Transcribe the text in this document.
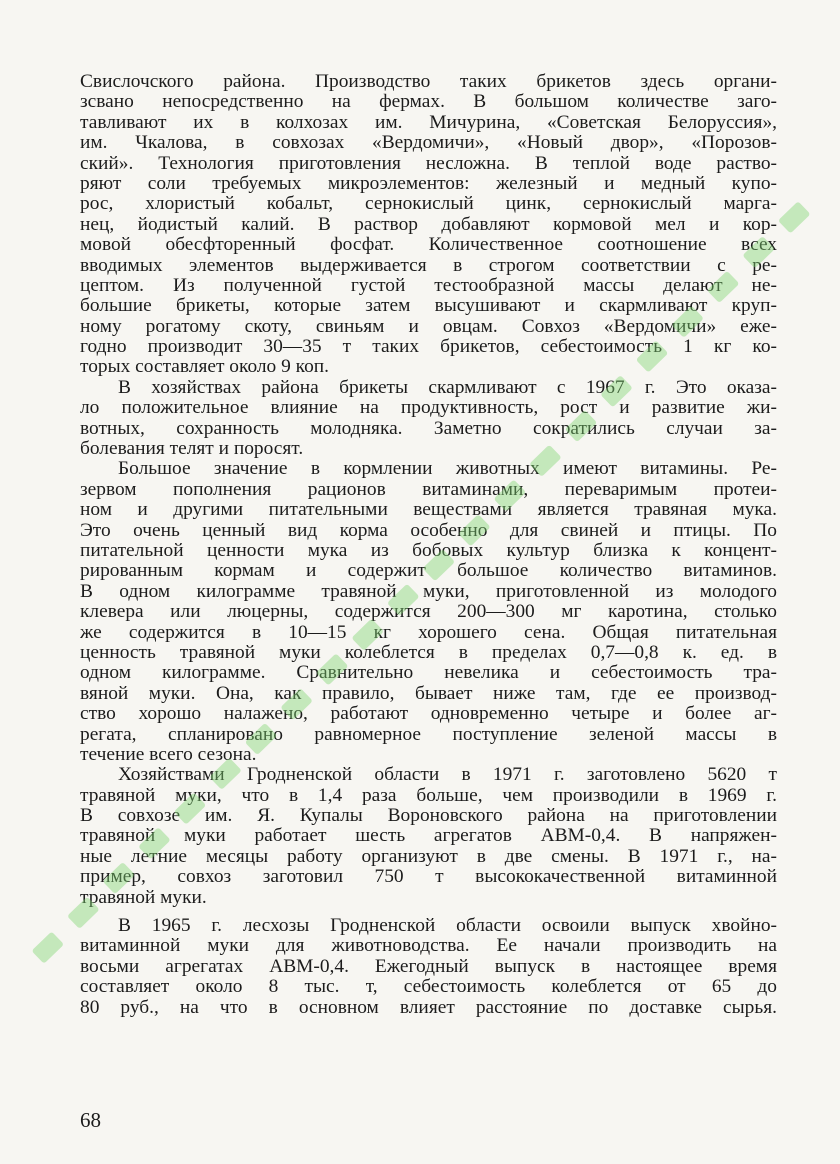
Свислочского района. Производство таких брикетов здесь органи-
зсвано непосредственно на фермах. В большом количестве заго-
тавливают их в колхозах им. Мичурина, «Советская Белоруссия»,
им. Чкалова, в совхозах «Вердомичи», «Новый двор», «Порозов-
ский». Технология приготовления несложна. В теплой воде раство-
ряют соли требуемых микроэлементов: железный и медный купо-
рос, хлористый кобальт, сернокислый цинк, сернокислый марга-
нец, йодистый калий. В раствор добавляют кормовой мел и кор-
мовой обесфторенный фосфат. Количественное соотношение всех
вводимых элементов выдерживается в строгом соответствии с ре-
цептом. Из полученной густой тестообразной массы делают не-
большие брикеты, которые затем высушивают и скармливают круп-
ному рогатому скоту, свиньям и овцам. Совхоз «Вердомичи» еже-
годно производит 30—35 т таких брикетов, себестоимость 1 кг ко-
торых составляет около 9 коп.
В хозяйствах района брикеты скармливают с 1967 г. Это оказа-
ло положительное влияние на продуктивность, рост и развитие жи-
вотных, сохранность молодняка. Заметно сократились случаи за-
болевания телят и поросят.
Большое значение в кормлении животных имеют витамины. Ре-
зервом пополнения рационов витаминами, переваримым протеи-
ном и другими питательными веществами является травяная мука.
Это очень ценный вид корма особенно для свиней и птицы. По
питательной ценности мука из бобовых культур близка к концент-
рированным кормам и содержит большое количество витаминов.
В одном килограмме травяной муки, приготовленной из молодого
клевера или люцерны, содержится 200—300 мг каротина, столько
же содержится в 10—15 кг хорошего сена. Общая питательная
ценность травяной муки колеблется в пределах 0,7—0,8 к. ед. в
одном килограмме. Сравнительно невелика и себестоимость тра-
вяной муки. Она, как правило, бывает ниже там, где ее производ-
ство хорошо налажено, работают одновременно четыре и более аг-
регата, спланировано равномерное поступление зеленой массы в
течение всего сезона.
Хозяйствами Гродненской области в 1971 г. заготовлено 5620 т
травяной муки, что в 1,4 раза больше, чем производили в 1969 г.
В совхозе им. Я. Купалы Вороновского района на приготовлении
травяной муки работает шесть агрегатов АВМ-0,4. В напряжен-
ные летние месяцы работу организуют в две смены. В 1971 г., на-
пример, совхоз заготовил 750 т высококачественной витаминной
травяной муки.
В 1965 г. лесхозы Гродненской области освоили выпуск хвойно-
витаминной муки для животноводства. Ее начали производить на
восьми агрегатах АВМ-0,4. Ежегодный выпуск в настоящее время
составляет около 8 тыс. т, себестоимость колеблется от 65 до
80 руб., на что в основном влияет расстояние по доставке сырья.
68
